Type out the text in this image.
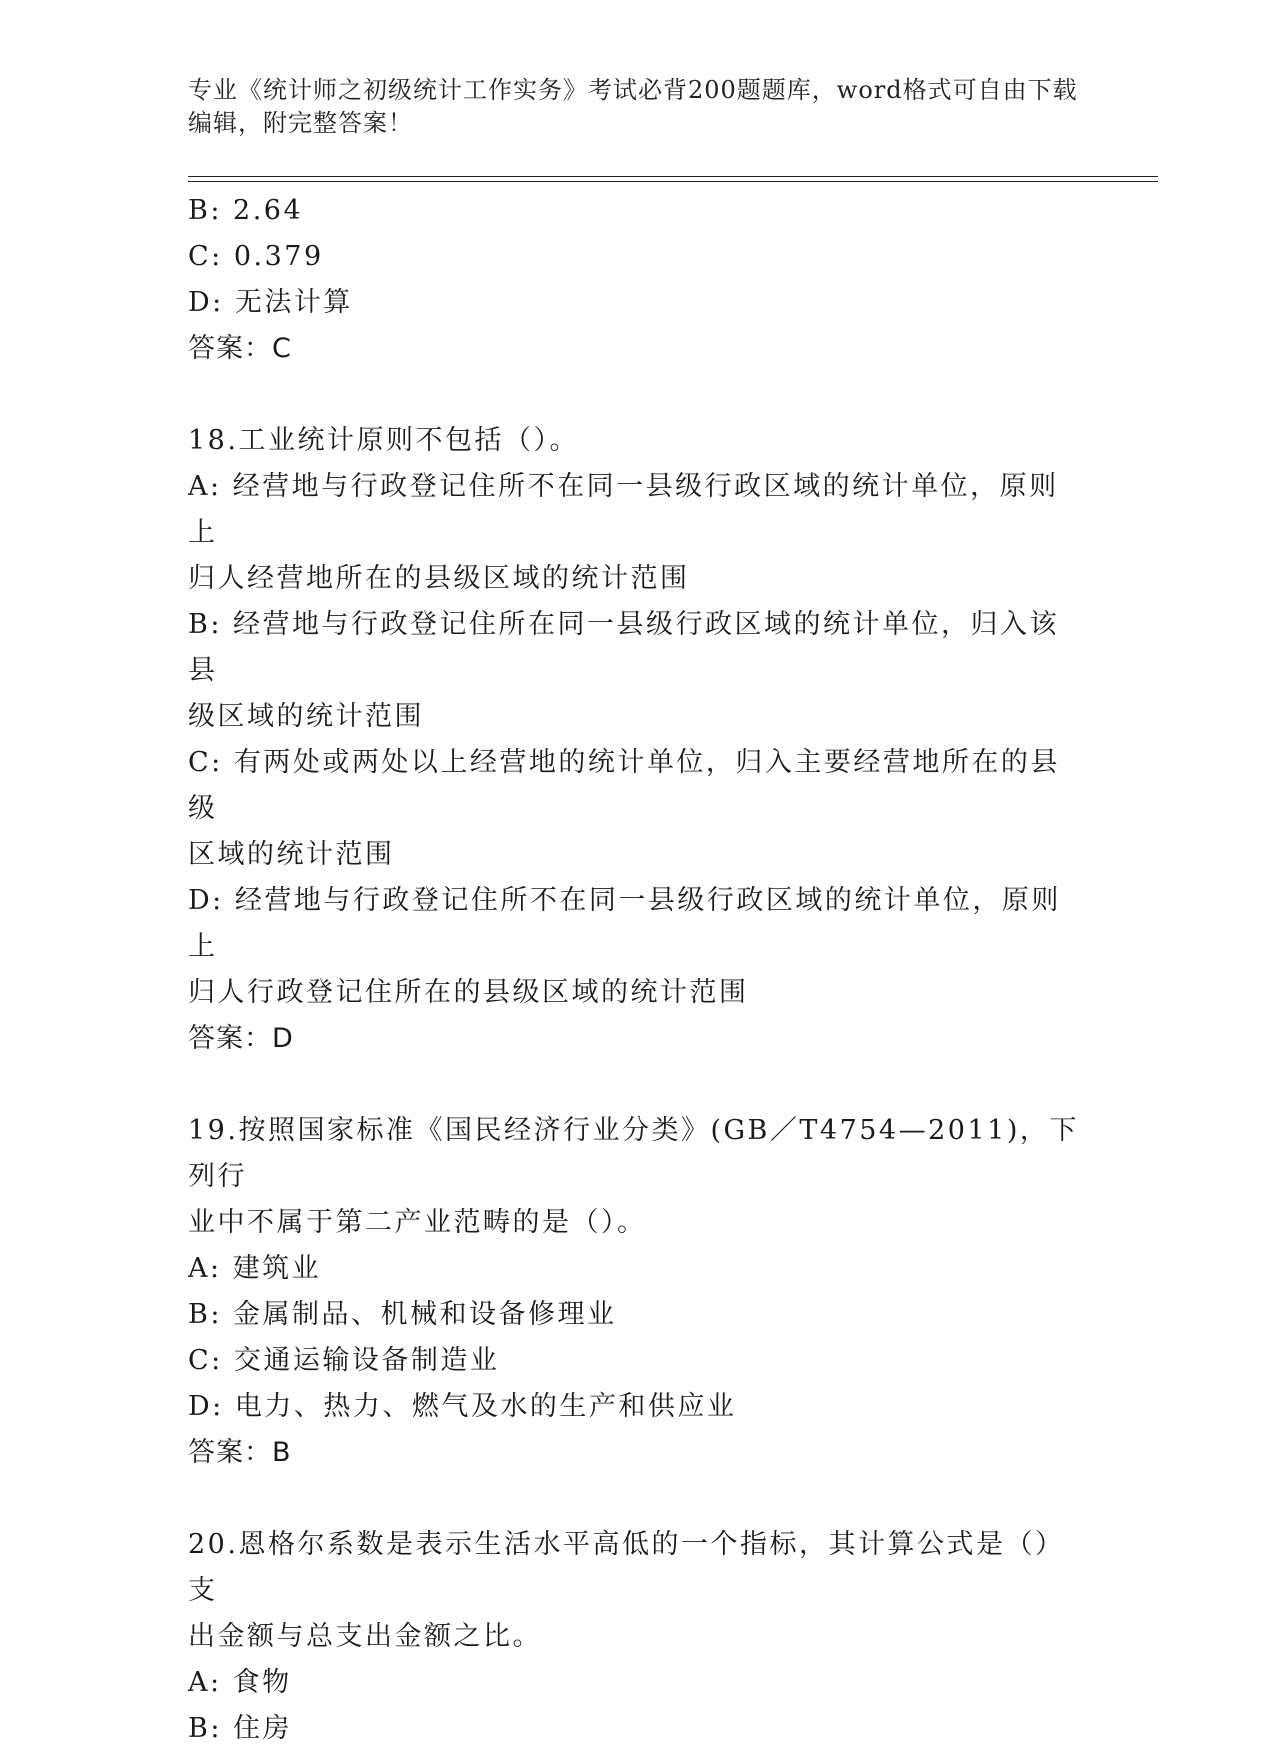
专业《统计师之初级统计工作实务》考试必背200题题库，word格式可自由下载
编辑，附完整答案！

B: 2.64

C: 0.379

D: 无法计算

答案：C

18.工业统计原则不包括（）。

A: 经营地与行政登记住所不在同一县级行政区域的统计单位，原则上

归人经营地所在的县级区域的统计范围

B: 经营地与行政登记住所在同一县级行政区域的统计单位，归入该县

级区域的统计范围

C: 有两处或两处以上经营地的统计单位，归入主要经营地所在的县级

区域的统计范围

D: 经营地与行政登记住所不在同一县级行政区域的统计单位，原则上

归人行政登记住所在的县级区域的统计范围

答案：D

19.按照国家标准《国民经济行业分类》(GB／T4754—2011)，下列行

业中不属于第二产业范畴的是（）。

A: 建筑业

B: 金属制品、机械和设备修理业

C: 交通运输设备制造业

D: 电力、热力、燃气及水的生产和供应业

答案：B

20.恩格尔系数是表示生活水平高低的一个指标，其计算公式是（）支

出金额与总支出金额之比。

A: 食物

B: 住房
